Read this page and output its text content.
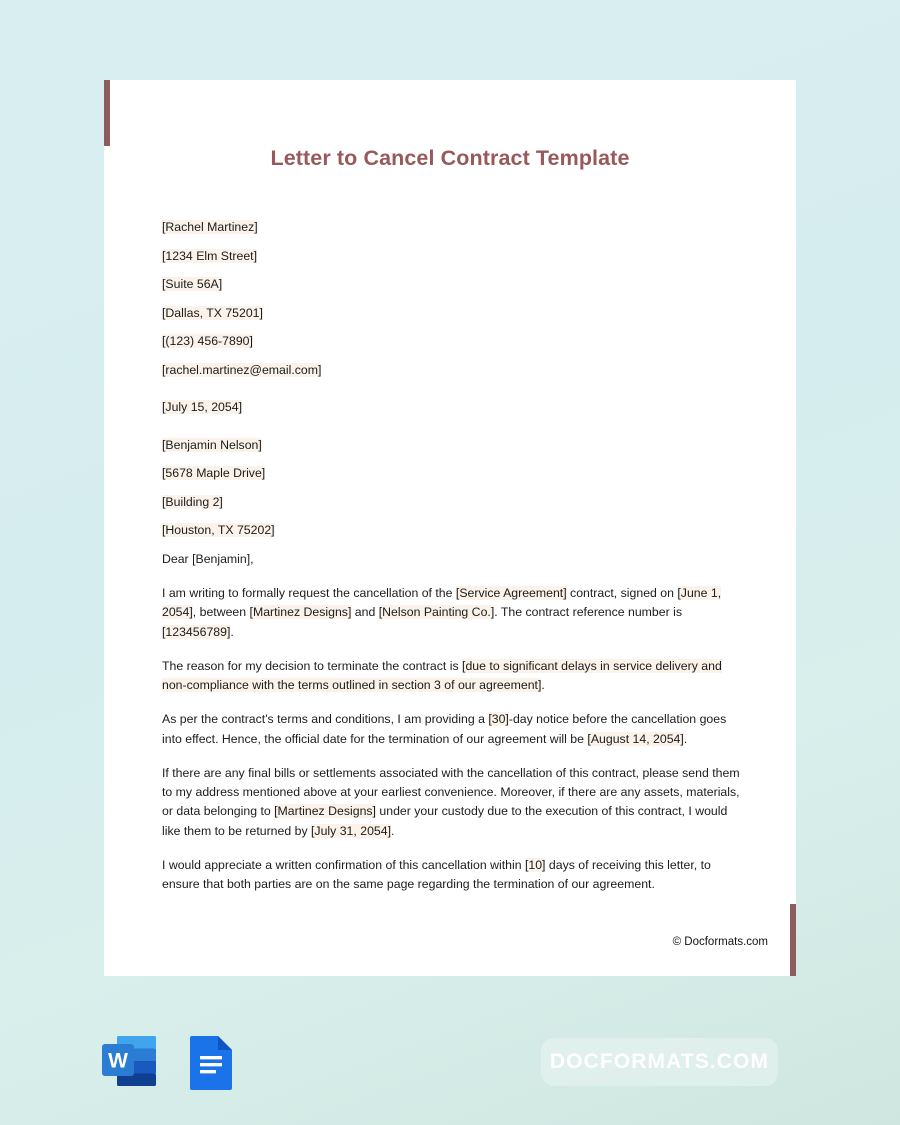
Letter to Cancel Contract Template
[Rachel Martinez]
[1234 Elm Street]
[Suite 56A]
[Dallas, TX 75201]
[(123) 456-7890]
[rachel.martinez@email.com]
[July 15, 2054]
[Benjamin Nelson]
[5678 Maple Drive]
[Building 2]
[Houston, TX 75202]
Dear [Benjamin],

I am writing to formally request the cancellation of the [Service Agreement] contract, signed on [June 1, 2054], between [Martinez Designs] and [Nelson Painting Co.]. The contract reference number is [123456789].

The reason for my decision to terminate the contract is [due to significant delays in service delivery and non-compliance with the terms outlined in section 3 of our agreement].

As per the contract's terms and conditions, I am providing a [30]-day notice before the cancellation goes into effect. Hence, the official date for the termination of our agreement will be [August 14, 2054].

If there are any final bills or settlements associated with the cancellation of this contract, please send them to my address mentioned above at your earliest convenience. Moreover, if there are any assets, materials, or data belonging to [Martinez Designs] under your custody due to the execution of this contract, I would like them to be returned by [July 31, 2054].

I would appreciate a written confirmation of this cancellation within [10] days of receiving this letter, to ensure that both parties are on the same page regarding the termination of our agreement.

© Docformats.com
W	DOCFORMATS.COM
